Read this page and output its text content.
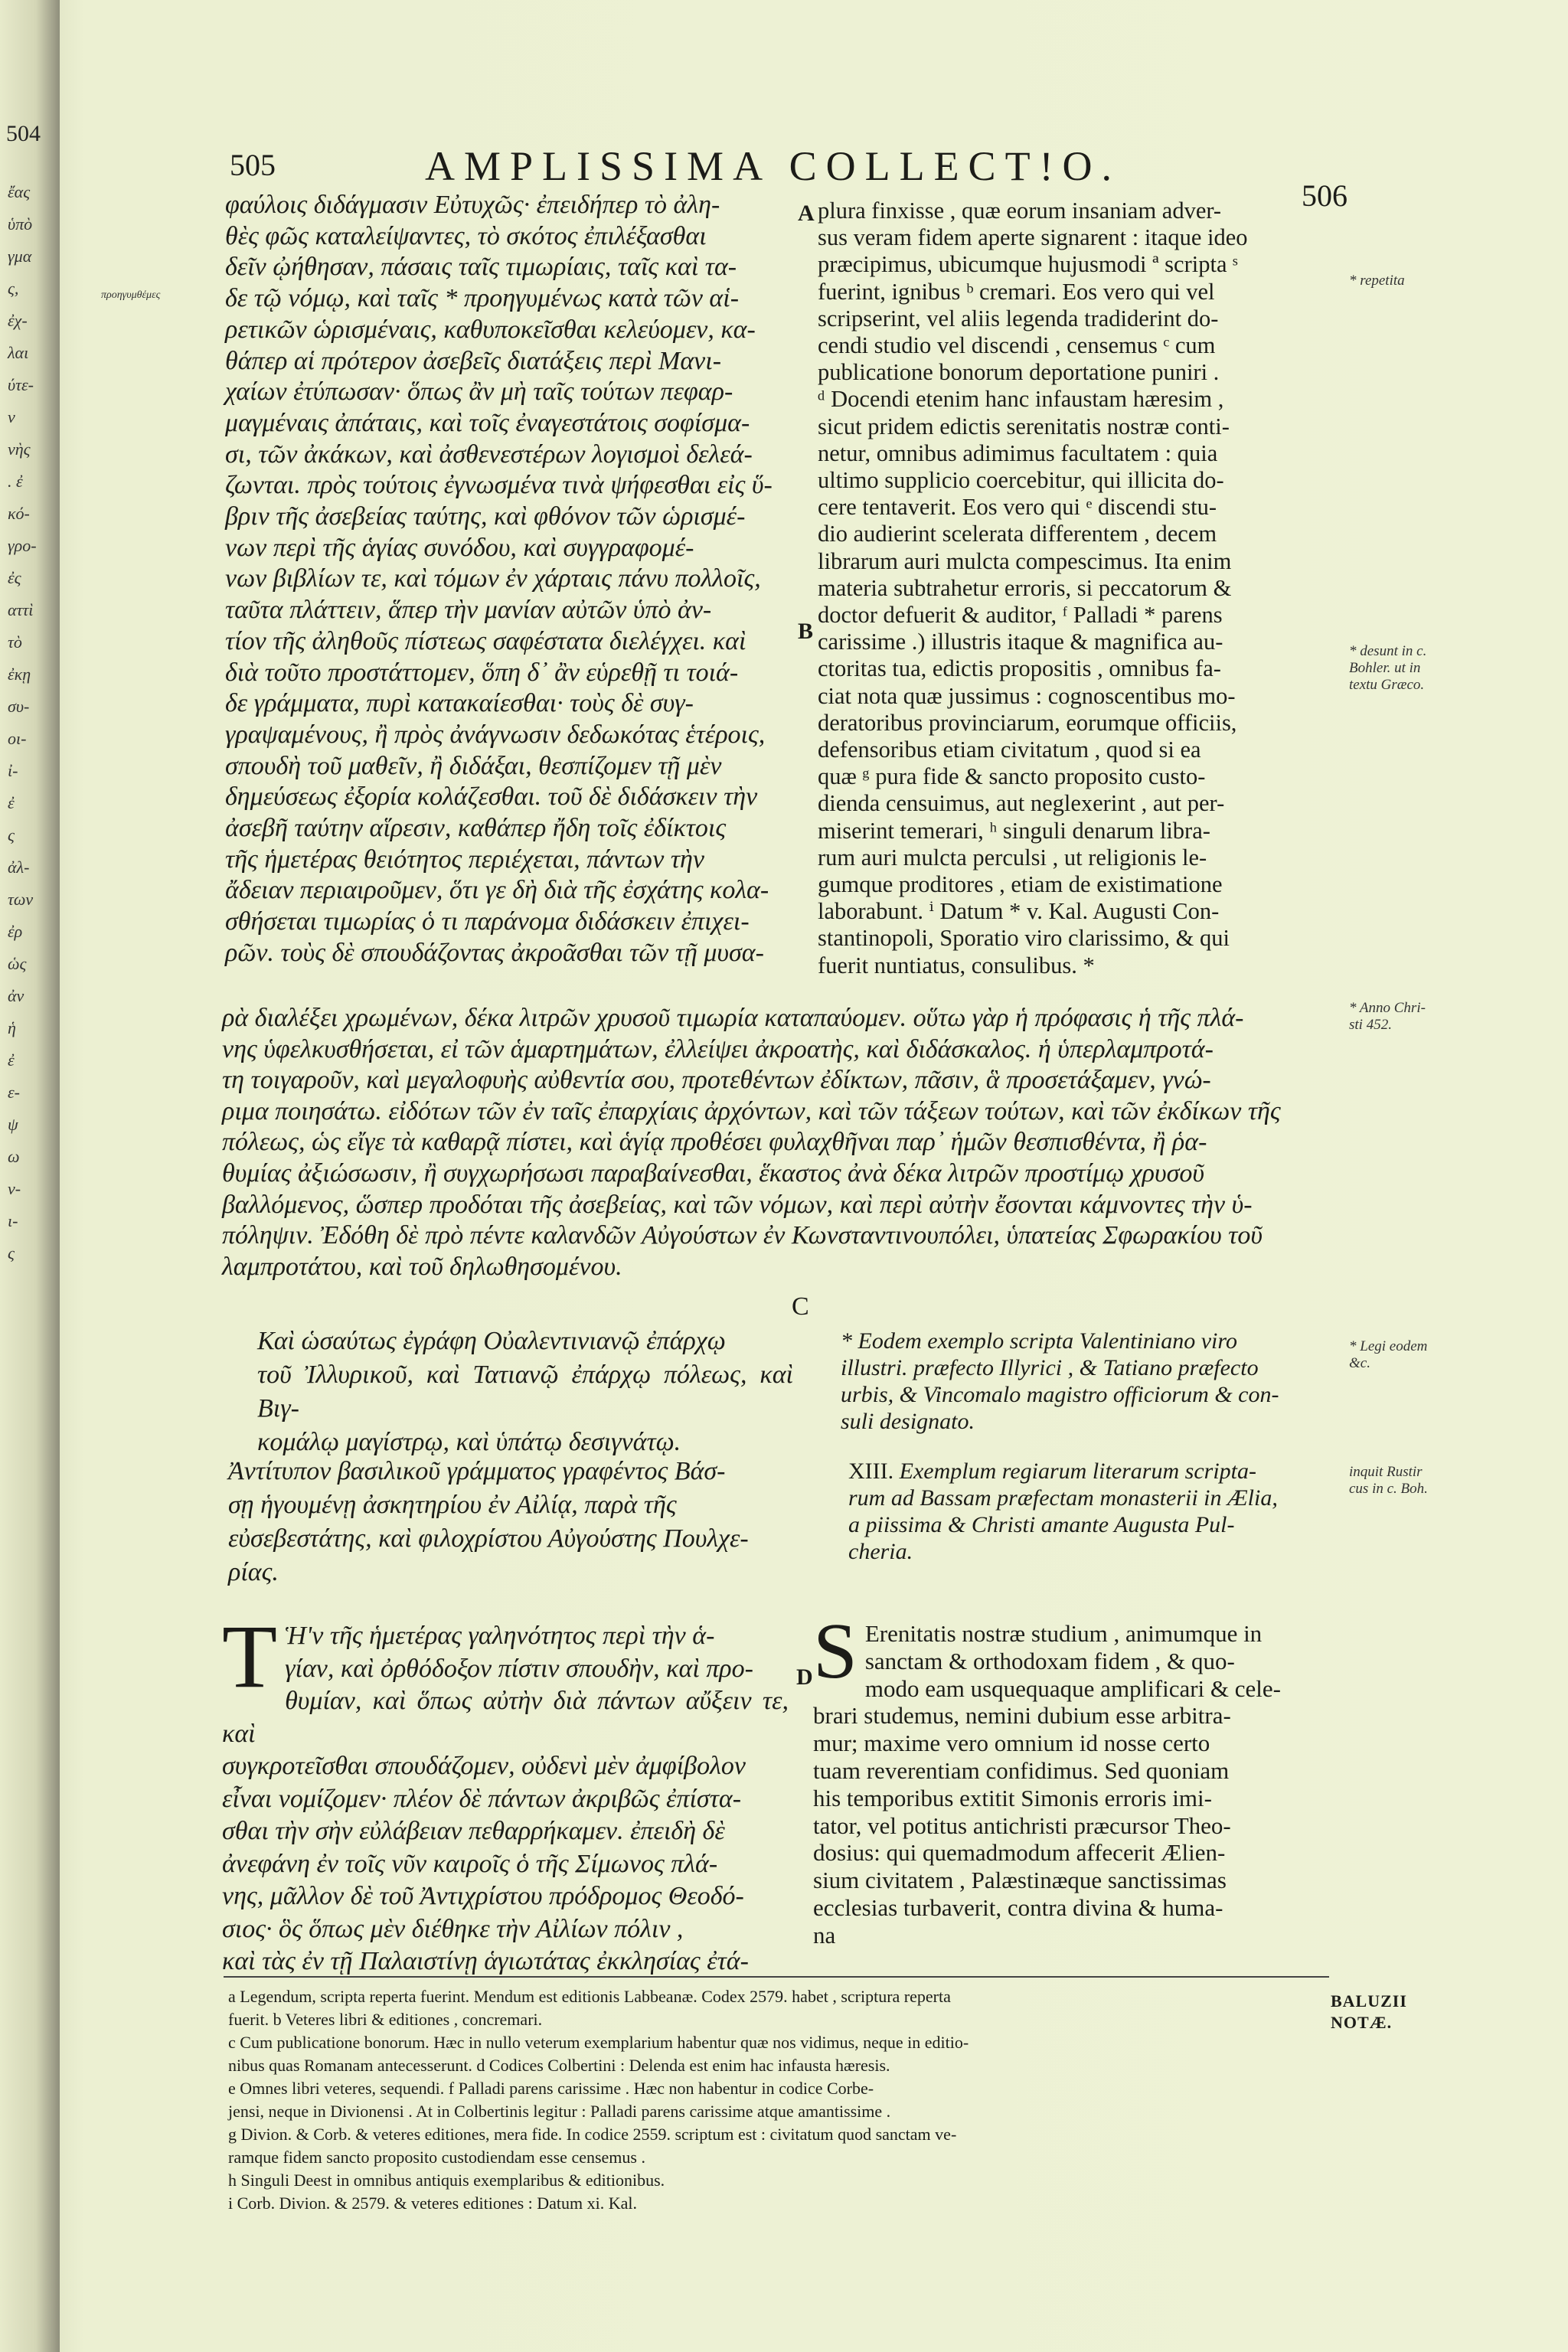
504
ἔας
ὑπὸ
γμα
ς,
ἐχ-
λαι
ύτε-
ν
νὴς
. ἐ
κό-
γρο-
ἐς
αττὶ
τὸ
ἐκῃ
συ-
οι-
ἰ-
ἐ
ς
ἀλ-
των
ἐρ
ὡς
ἀν
ἡ
ἐ
ε-
ψ
ω
ν-
ι-
ς
505	AMPLISSIMA COLLECT!O.
506
προηγυμθέμες
A
B
D
φαύλοις διδάγμασιν Εὐτυχῶς· ἐπειδήπερ τὸ ἀλη-
θὲς φῶς καταλείψαντες, τὸ σκότος ἐπιλέξασθαι
δεῖν ᾠήθησαν, πάσαις ταῖς τιμωρίαις, ταῖς καὶ τα-
δε τῷ νόμῳ, καὶ ταῖς * προηγυμένως κατὰ τῶν αἱ-
ρετικῶν ὡρισμέναις, καθυποκεῖσθαι κελεύομεν, κα-
θάπερ αἱ πρότερον ἀσεβεῖς διατάξεις περὶ Μανι-
χαίων ἐτύπωσαν· ὅπως ἂν μὴ ταῖς τούτων πεφαρ-
μαγμέναις ἀπάταις, καὶ τοῖς ἐναγεστάτοις σοφίσμα-
σι, τῶν ἀκάκων, καὶ ἀσθενεστέρων λογισμοὶ δελεά-
ζωνται. πρὸς τούτοις ἐγνωσμένα τινὰ ψήφεσθαι εἰς ὕ-
βριν τῆς ἀσεβείας ταύτης, καὶ φθόνον τῶν ὡρισμέ-
νων περὶ τῆς ἁγίας συνόδου, καὶ συγγραφομέ-
νων βιβλίων τε, καὶ τόμων ἐν χάρταις πάνυ πολλοῖς,
ταῦτα πλάττειν, ἅπερ τὴν μανίαν αὐτῶν ὑπὸ ἀν-
τίον τῆς ἀληθοῦς πίστεως σαφέστατα διελέγχει. καὶ
διὰ τοῦτο προστάττομεν, ὅπη δ᾽ ἂν εὑρεθῇ τι τοιά-
δε γράμματα, πυρὶ κατακαίεσθαι· τοὺς δὲ συγ-
γραψαμένους, ἢ πρὸς ἀνάγνωσιν δεδωκότας ἑτέροις,
σπουδὴ τοῦ μαθεῖν, ἢ διδάξαι, θεσπίζομεν τῇ μὲν
δημεύσεως ἐξορία κολάζεσθαι. τοῦ δὲ διδάσκειν τὴν
ἀσεβῆ ταύτην αἵρεσιν, καθάπερ ἤδη τοῖς ἐδίκτοις
τῆς ἡμετέρας θειότητος περιέχεται, πάντων τὴν
ἄδειαν περιαιροῦμεν, ὅτι γε δὴ διὰ τῆς ἐσχάτης κολα-
σθήσεται τιμωρίας ὁ τι παράνομα διδάσκειν ἐπιχει-
ρῶν. τοὺς δὲ σπουδάζοντας ἀκροᾶσθαι τῶν τῇ μυσα-
plura finxisse , quæ eorum insaniam adver-
sus veram fidem aperte signarent : itaque ideo
præcipimus, ubicumque hujusmodi ª scripta ˢ
fuerint, ignibus ᵇ cremari. Eos vero qui vel
scripserint, vel aliis legenda tradiderint do-
cendi studio vel discendi , censemus ᶜ cum
publicatione bonorum deportatione puniri .
ᵈ Docendi etenim hanc infaustam hæresim ,
sicut pridem edictis serenitatis nostræ conti-
netur, omnibus adimimus facultatem : quia
ultimo supplicio coercebitur, qui illicita do-
cere tentaverit. Eos vero qui ᵉ discendi stu-
dio audierint scelerata differentem , decem
librarum auri mulcta compescimus. Ita enim
materia subtrahetur erroris, si peccatorum &
doctor defuerit & auditor, ᶠ Palladi * parens
carissime .) illustris itaque & magnifica au-
ctoritas tua, edictis propositis , omnibus fa-
ciat nota quæ jussimus : cognoscentibus mo-
deratoribus provinciarum, eorumque officiis,
defensoribus etiam civitatum , quod si ea
quæ ᵍ pura fide & sancto proposito custo-
dienda censuimus, aut neglexerint , aut per-
miserint temerari, ʰ singuli denarum libra-
rum auri mulcta perculsi , ut religionis le-
gumque proditores , etiam de existimatione
laborabunt. ⁱ Datum * v. Kal. Augusti Con-
stantinopoli, Sporatio viro clarissimo, & qui
fuerit nuntiatus, consulibus. *
* repetita
* desunt in c.
Bohler. ut in
textu Græco.
* Anno Chri-
sti 452.
* Legi eodem
&c.
inquit Rustir
cus in c. Boh.
ρὰ διαλέξει χρωμένων, δέκα λιτρῶν χρυσοῦ τιμωρία καταπαύομεν. οὕτω γὰρ ἡ πρόφασις ἡ τῆς πλά-
νης ὑφελκυσθήσεται, εἰ τῶν ἁμαρτημάτων, ἐλλείψει ἀκροατὴς, καὶ διδάσκαλος. ἡ ὑπερλαμπροτά-
τη τοιγαροῦν, καὶ μεγαλοφυὴς αὐθεντία σου, προτεθέντων ἐδίκτων, πᾶσιν, ἃ προσετάξαμεν, γνώ-
ριμα ποιησάτω. εἰδότων τῶν ἐν ταῖς ἐπαρχίαις ἀρχόντων, καὶ τῶν τάξεων τούτων, καὶ τῶν ἐκδίκων τῆς
πόλεως, ὡς εἴγε τὰ καθαρᾷ πίστει, καὶ ἁγίᾳ προθέσει φυλαχθῆναι παρ᾽ ἡμῶν θεσπισθέντα, ἢ ῥα-
θυμίας ἀξιώσωσιν, ἢ συγχωρήσωσι παραβαίνεσθαι, ἕκαστος ἀνὰ δέκα λιτρῶν προστίμῳ χρυσοῦ
βαλλόμενος, ὥσπερ προδόται τῆς ἀσεβείας, καὶ τῶν νόμων, καὶ περὶ αὐτὴν ἔσονται κάμνοντες τὴν ὑ-
πόληψιν. Ἐδόθη δὲ πρὸ πέντε καλανδῶν Αὐγούστων ἐν Κωνσταντινουπόλει, ὑπατείας Σφωρακίου τοῦ
λαμπροτάτου, καὶ τοῦ δηλωθησομένου.
C
Καὶ ὡσαύτως ἐγράφη Οὐαλεντινιανῷ ἐπάρχῳ
τοῦ Ἰλλυρικοῦ, καὶ Τατιανῷ ἐπάρχῳ πόλεως, καὶ Βιγ-
κομάλῳ μαγίστρῳ, καὶ ὑπάτῳ δεσιγνάτῳ.
* Eodem exemplo scripta Valentiniano viro
illustri. præfecto Illyrici , & Tatiano præfecto
urbis, & Vincomalo magistro officiorum & con-
suli designato.
Ἀντίτυπον βασιλικοῦ γράμματος γραφέντος Βάσ-
σῃ ἡγουμένῃ ἀσκητηρίου ἐν Αἰλίᾳ, παρὰ τῆς
εὐσεβεστάτης, καὶ φιλοχρίστου Αὐγούστης Πουλχε-
ρίας.
XIII. Exemplum regiarum literarum scripta-
rum ad Bassam præfectam monasterii in Ælia,
a piissima & Christi amante Augusta Pul-
cheria.

T Ἡ'ν τῆς ἡμετέρας γαληνότητος περὶ τὴν ἁ-
γίαν, καὶ ὀρθόδοξον πίστιν σπουδὴν, καὶ προ-
θυμίαν, καὶ ὅπως αὐτὴν διὰ πάντων αὔξειν τε, καὶ
συγκροτεῖσθαι σπουδάζομεν, οὐδενὶ μὲν ἀμφίβολον
εἶναι νομίζομεν· πλέον δὲ πάντων ἀκριβῶς ἐπίστα-
σθαι τὴν σὴν εὐλάβειαν πεθαρρήκαμεν. ἐπειδὴ δὲ
ἀνεφάνη ἐν τοῖς νῦν καιροῖς ὁ τῆς Σίμωνος πλά-
νης, μᾶλλον δὲ τοῦ Ἀντιχρίστου πρόδρομος Θεοδό-
σιος· ὃς ὅπως μὲν διέθηκε τὴν Αἰλίων πόλιν ,
καὶ τὰς ἐν τῇ Παλαιστίνῃ ἁγιωτάτας ἐκκλησίας ἐτά-

S Erenitatis nostræ studium , animumque in
sanctam & orthodoxam fidem , & quo-
modo eam usquequaque amplificari & cele-
brari studemus, nemini dubium esse arbitra-
mur; maxime vero omnium id nosse certo
tuam reverentiam confidimus. Sed quoniam
his temporibus extitit Simonis erroris imi-
tator, vel potitus antichristi præcursor Theo-
dosius: qui quemadmodum affecerit Ælien-
sium civitatem , Palæstinæque sanctissimas
ecclesias turbaverit, contra divina & huma-
na

a Legendum, scripta reperta fuerint. Mendum est editionis Labbeanæ. Codex 2579. habet , scriptura reperta
fuerit. b Veteres libri & editiones , concremari.
c Cum publicatione bonorum. Hæc in nullo veterum exemplarium habentur quæ nos vidimus, neque in editio-
nibus quas Romanam antecesserunt. d Codices Colbertini : Delenda est enim hac infausta hæresis.
e Omnes libri veteres, sequendi. f Palladi parens carissime . Hæc non habentur in codice Corbe-
jensi, neque in Divionensi . At in Colbertinis legitur : Palladi parens carissime atque amantissime .
g Divion. & Corb. & veteres editiones, mera fide. In codice 2559. scriptum est : civitatum quod sanctam ve-
ramque fidem sancto proposito custodiendam esse censemus .
h Singuli Deest in omnibus antiquis exemplaribus & editionibus.
i Corb. Divion. & 2579. & veteres editiones : Datum xi. Kal.
BALUZII
NOTÆ.
